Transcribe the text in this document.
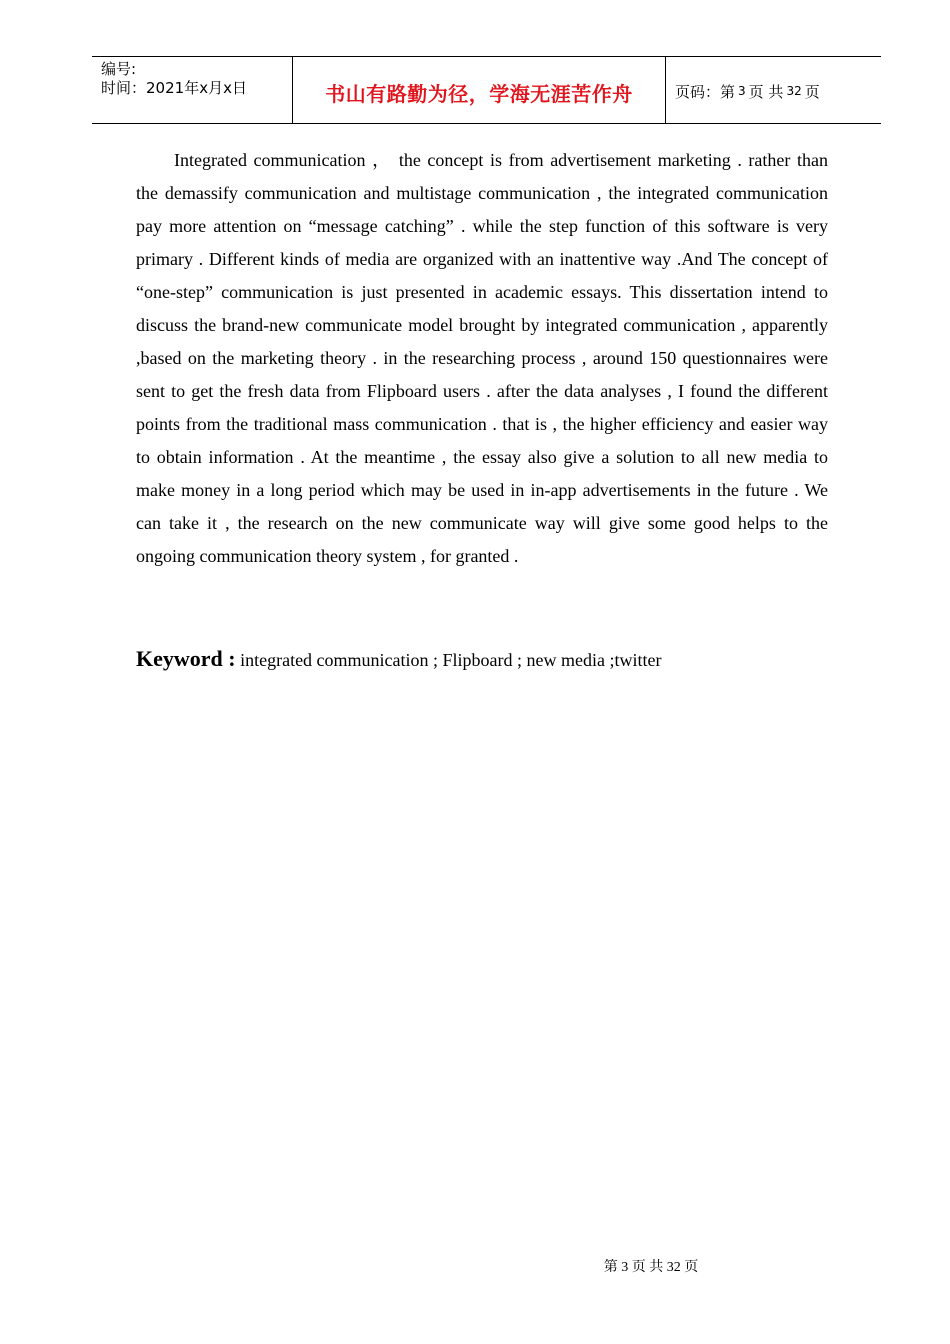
编号:
时间：2021年x月x日	书山有路勤为径，学海无涯苦作舟	页码：第 3 页 共 32 页

Integrated communication ， the concept is from advertisement marketing . rather than the demassify communication and multistage communication , the integrated communication pay more attention on “message catching” . while the step function of this software is very primary . Different kinds of media are organized with an inattentive way .And The concept of “one-step” communication is just presented in academic essays. This dissertation intend to discuss the brand-new communicate model brought by integrated communication , apparently ,based on the marketing theory . in the researching process , around 150 questionnaires were sent to get the fresh data from Flipboard users . after the data analyses , I found the different points from the traditional mass communication . that is , the higher efficiency and easier way to obtain information . At the meantime , the essay also give a solution to all new media to make money in a long period which may be used in in-app advertisements in the future . We can take it , the research on the new communicate way will give some good helps to the ongoing communication theory system , for granted .

Keyword : integrated communication ; Flipboard ; new media ;twitter

第 3 页 共 32 页
